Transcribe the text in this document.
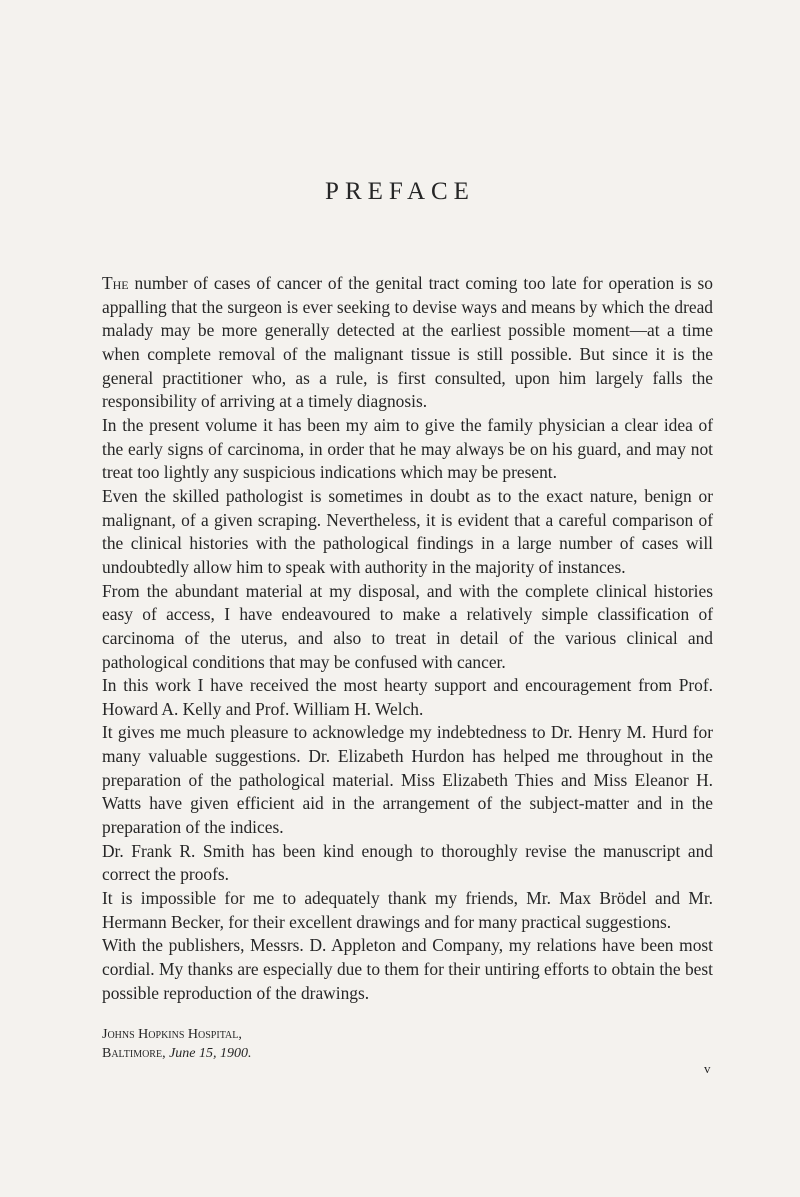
PREFACE

The number of cases of cancer of the genital tract coming too late for operation is so appalling that the surgeon is ever seeking to devise ways and means by which the dread malady may be more generally detected at the earliest possible moment—at a time when complete removal of the malignant tissue is still possible. But since it is the general practitioner who, as a rule, is first consulted, upon him largely falls the responsibility of arriving at a timely diagnosis.

In the present volume it has been my aim to give the family physician a clear idea of the early signs of carcinoma, in order that he may always be on his guard, and may not treat too lightly any suspicious indications which may be present.

Even the skilled pathologist is sometimes in doubt as to the exact nature, benign or malignant, of a given scraping. Nevertheless, it is evident that a careful comparison of the clinical histories with the pathological findings in a large number of cases will undoubtedly allow him to speak with authority in the majority of instances.

From the abundant material at my disposal, and with the complete clinical histories easy of access, I have endeavoured to make a relatively simple classification of carcinoma of the uterus, and also to treat in detail of the various clinical and pathological conditions that may be confused with cancer.

In this work I have received the most hearty support and encouragement from Prof. Howard A. Kelly and Prof. William H. Welch.

It gives me much pleasure to acknowledge my indebtedness to Dr. Henry M. Hurd for many valuable suggestions. Dr. Elizabeth Hurdon has helped me throughout in the preparation of the pathological material. Miss Elizabeth Thies and Miss Eleanor H. Watts have given efficient aid in the arrangement of the subject-matter and in the preparation of the indices.

Dr. Frank R. Smith has been kind enough to thoroughly revise the manuscript and correct the proofs.

It is impossible for me to adequately thank my friends, Mr. Max Brödel and Mr. Hermann Becker, for their excellent drawings and for many practical suggestions.

With the publishers, Messrs. D. Appleton and Company, my relations have been most cordial. My thanks are especially due to them for their untiring efforts to obtain the best possible reproduction of the drawings.

Johns Hopkins Hospital,
Baltimore, June 15, 1900.
v
